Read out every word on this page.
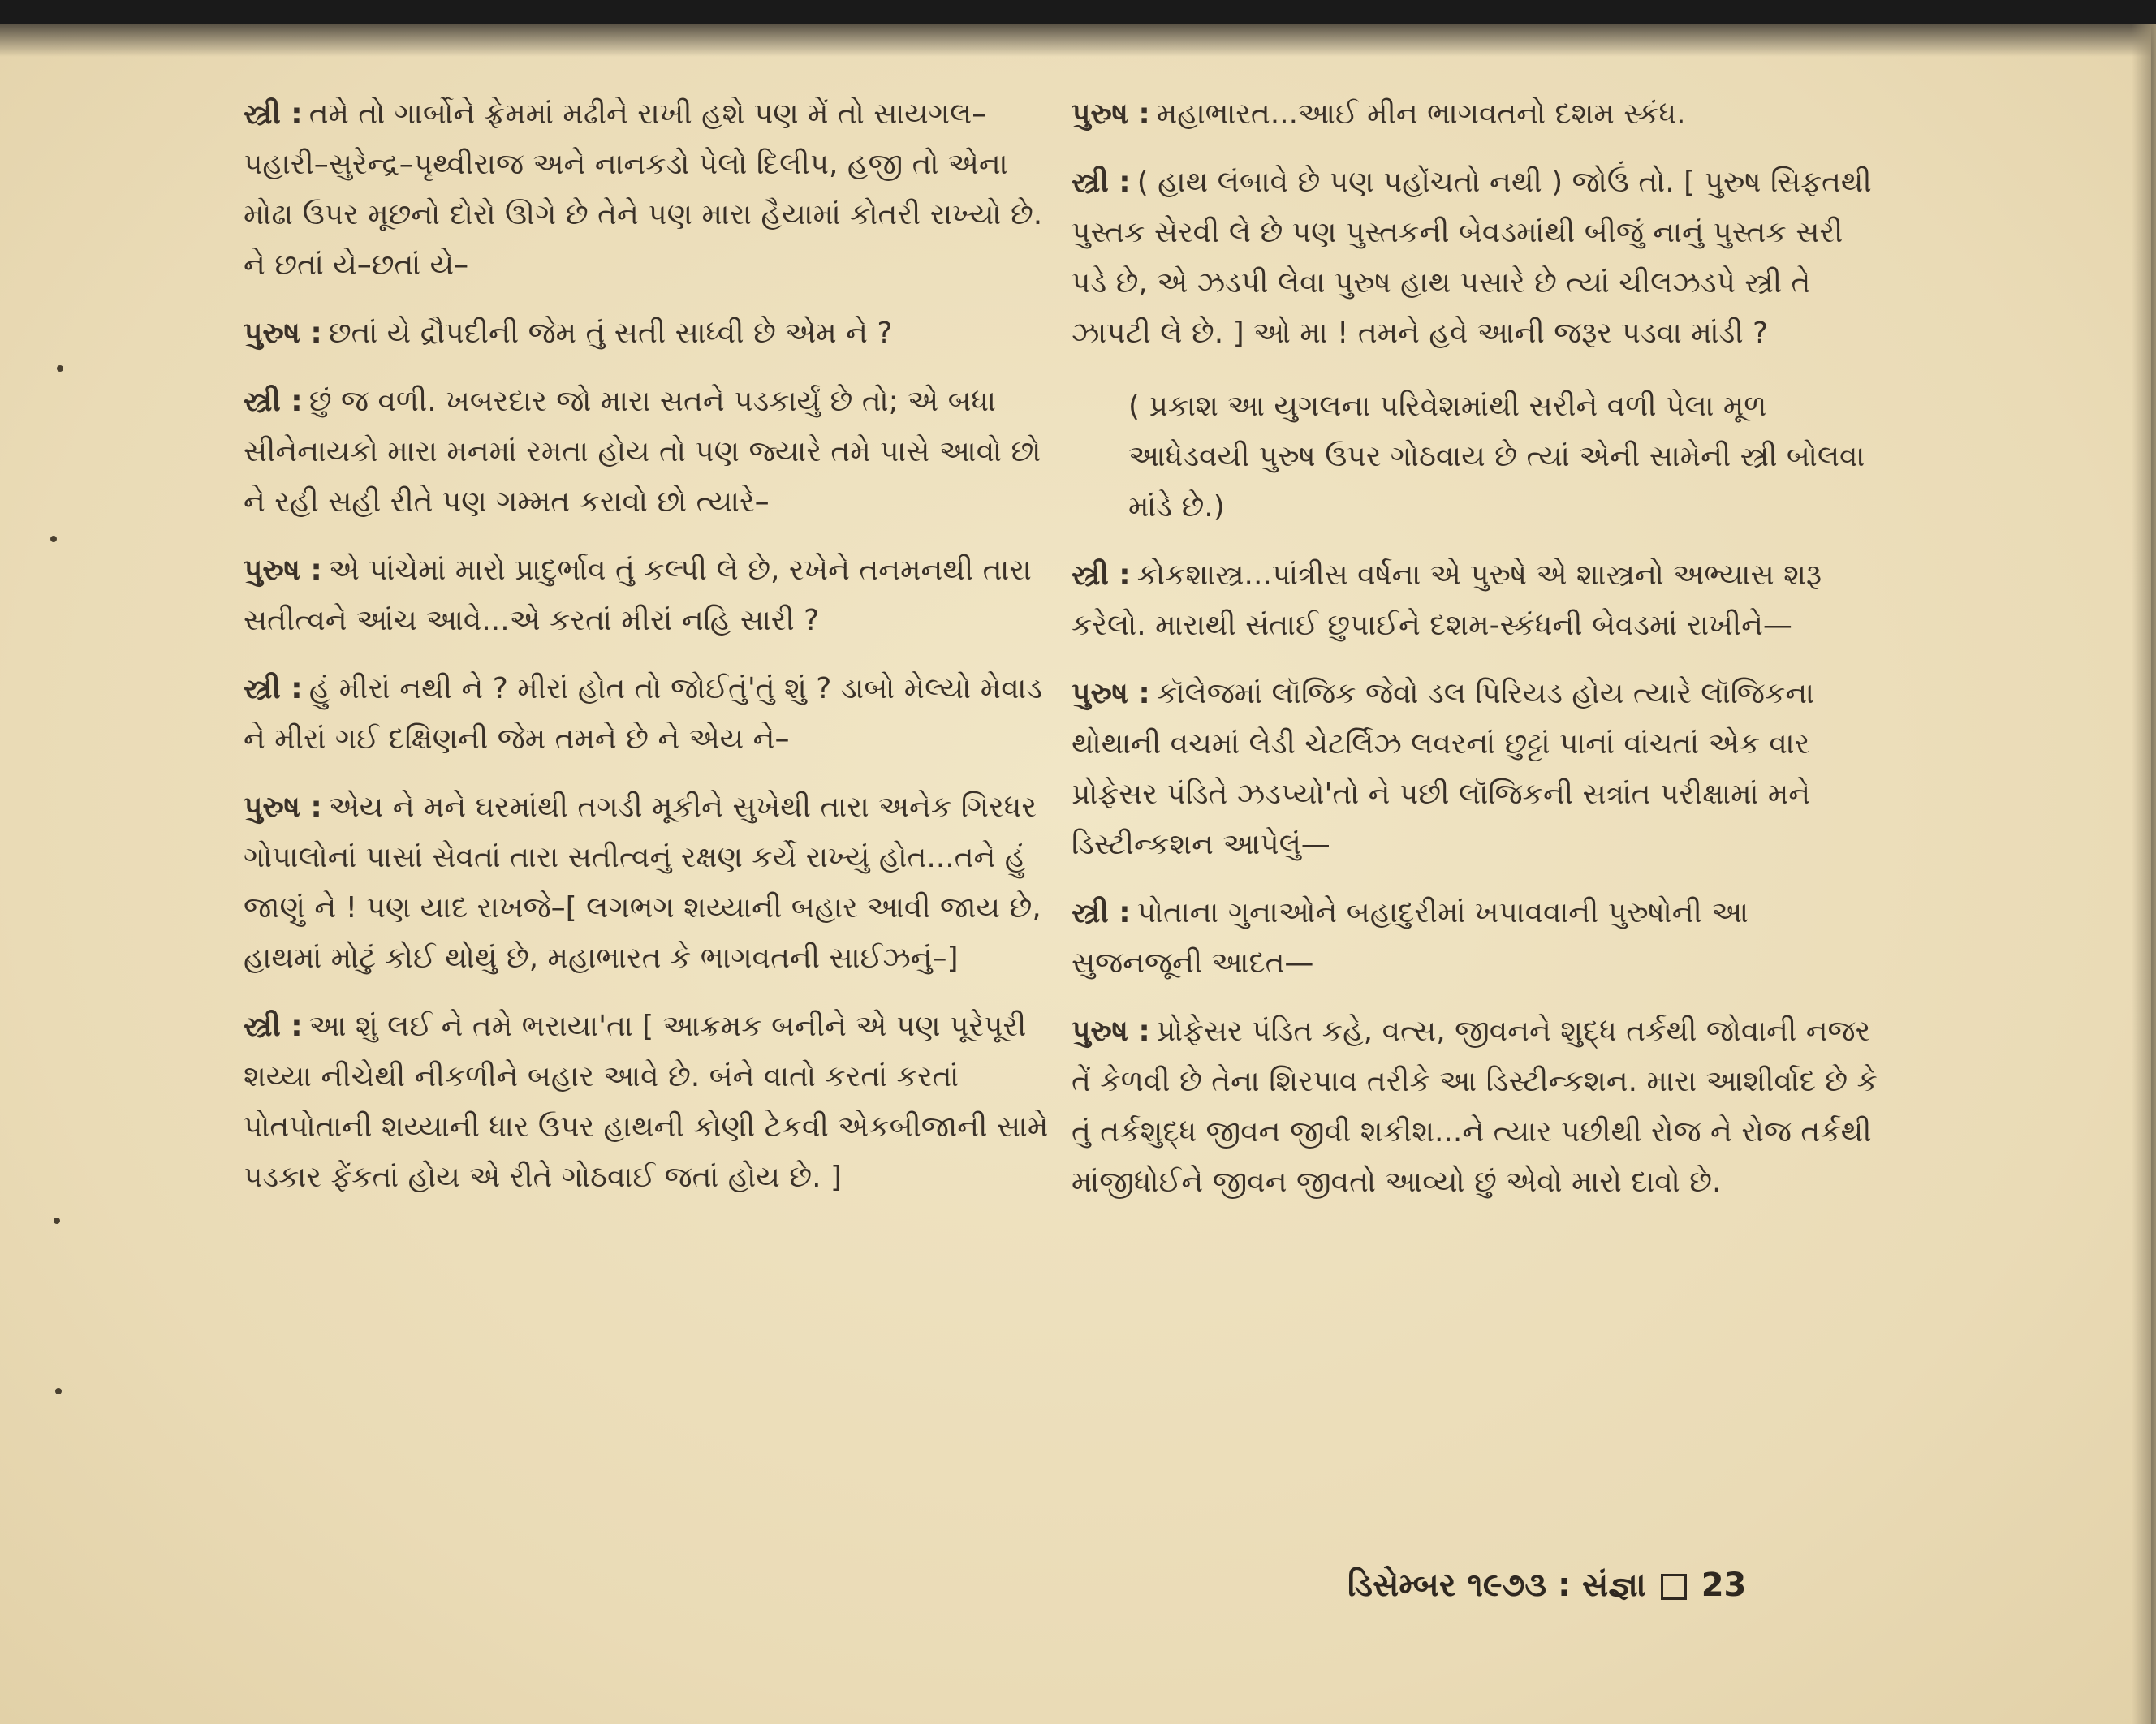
સ્ત્રી : તમે તો ગાર્બોને ફ્રેમમાં મઢીને રાખી હશે પણ મેં તો સાયગલ–પહારી–સુરેન્દ્ર–પૃથ્વીરાજ અને નાનકડો પેલો દિલીપ, હજી તો એના મોઢા ઉપર મૂછનો દોરો ઊગે છે તેને પણ મારા હૈયામાં કોતરી રાખ્યો છે. ને છતાં યે–છતાં યે–
પુરુષ : છતાં યે દ્રૌપદીની જેમ તું સતી સાધ્વી છે એમ ને ?
સ્ત્રી : છું જ વળી. ખબરદાર જો મારા સતને પડકાર્યું છે તો; એ બધા સીનેનાયકો મારા મનમાં રમતા હોય તો પણ જ્યારે તમે પાસે આવો છો ને રહી સહી રીતે પણ ગમ્મત કરાવો છો ત્યારે–
પુરુષ : એ પાંચેમાં મારો પ્રાદુર્ભાવ તું કલ્પી લે છે, રખેને તનમનથી તારા સતીત્વને આંચ આવે...એ કરતાં મીરાં નહિ સારી ?
સ્ત્રી : હું મીરાં નથી ને ? મીરાં હોત તો જોઈતું'તું શું ? ડાબો મેલ્યો મેવાડ ને મીરાં ગઈ દક્ષિણની જેમ તમને છે ને એય ને–
પુરુષ : એય ને મને ઘરમાંથી તગડી મૂકીને સુખેથી તારા અનેક ગિરધર ગોપાલોનાં પાસાં સેવતાં તારા સતીત્વનું રક્ષણ કર્યે રાખ્યું હોત...તને હું જાણું ને ! પણ યાદ રાખજે–[ લગભગ શય્યાની બહાર આવી જાય છે, હાથમાં મોટું કોઈ થોથું છે, મહાભારત કે ભાગવતની સાઈઝનું–]
સ્ત્રી : આ શું લઈ ને તમે ભરાયા'તા [ આક્રમક બનીને એ પણ પૂરેપૂરી શય્યા નીચેથી નીકળીને બહાર આવે છે. બંને વાતો કરતાં કરતાં પોતપોતાની શય્યાની ધાર ઉપર હાથની કોણી ટેકવી એકબીજાની સામે પડકાર ફેંકતાં હોય એ રીતે ગોઠવાઈ જતાં હોય છે. ]
પુરુષ : મહાભારત...આઈ મીન ભાગવતનો દશમ સ્કંધ.
સ્ત્રી : ( હાથ લંબાવે છે પણ પહોંચતો નથી ) જોઉં તો. [ પુરુષ સિફતથી પુસ્તક સેરવી લે છે પણ પુસ્તકની બેવડમાંથી બીજું નાનું પુસ્તક સરી પડે છે, એ ઝડપી લેવા પુરુષ હાથ પસારે છે ત્યાં ચીલઝડપે સ્ત્રી તે ઝાપટી લે છે. ] ઓ મા ! તમને હવે આની જરૂર પડવા માંડી ?
( પ્રકાશ આ યુગલના પરિવેશમાંથી સરીને વળી પેલા મૂળ આધેડવયી પુરુષ ઉપર ગોઠવાય છે ત્યાં એની સામેની સ્ત્રી બોલવા માંડે છે.)
સ્ત્રી : કોકશાસ્ત્ર...પાંત્રીસ વર્ષના એ પુરુષે એ શાસ્ત્રનો અભ્યાસ શરૂ કરેલો. મારાથી સંતાઈ છુપાઈને દશમ-સ્કંધની બેવડમાં રાખીને—
પુરુષ : કૉલેજમાં લૉજિક જેવો ડલ પિરિયડ હોય ત્યારે લૉજિકના થોથાની વચમાં લેડી ચેટર્લિઝ લવરનાં છુટ્ટાં પાનાં વાંચતાં એક વાર પ્રોફેસર પંડિતે ઝડપ્યો'તો ને પછી લૉજિકની સત્રાંત પરીક્ષામાં મને ડિસ્ટીન્કશન આપેલું—
સ્ત્રી : પોતાના ગુનાઓને બહાદુરીમાં ખપાવવાની પુરુષોની આ સુજનજૂની આદત—
પુરુષ : પ્રોફેસર પંડિત કહે, વત્સ, જીવનને શુદ્ધ તર્કથી જોવાની નજર તેં કેળવી છે તેના શિરપાવ તરીકે આ ડિસ્ટીન્કશન. મારા આશીર્વાદ છે કે તું તર્કશુદ્ધ જીવન જીવી શકીશ...ને ત્યાર પછીથી રોજ ને રોજ તર્કથી માંજીધોઈને જીવન જીવતો આવ્યો છું એવો મારો દાવો છે.
ડિસેમ્બર ૧૯૭૩ : સંજ્ઞા 23
